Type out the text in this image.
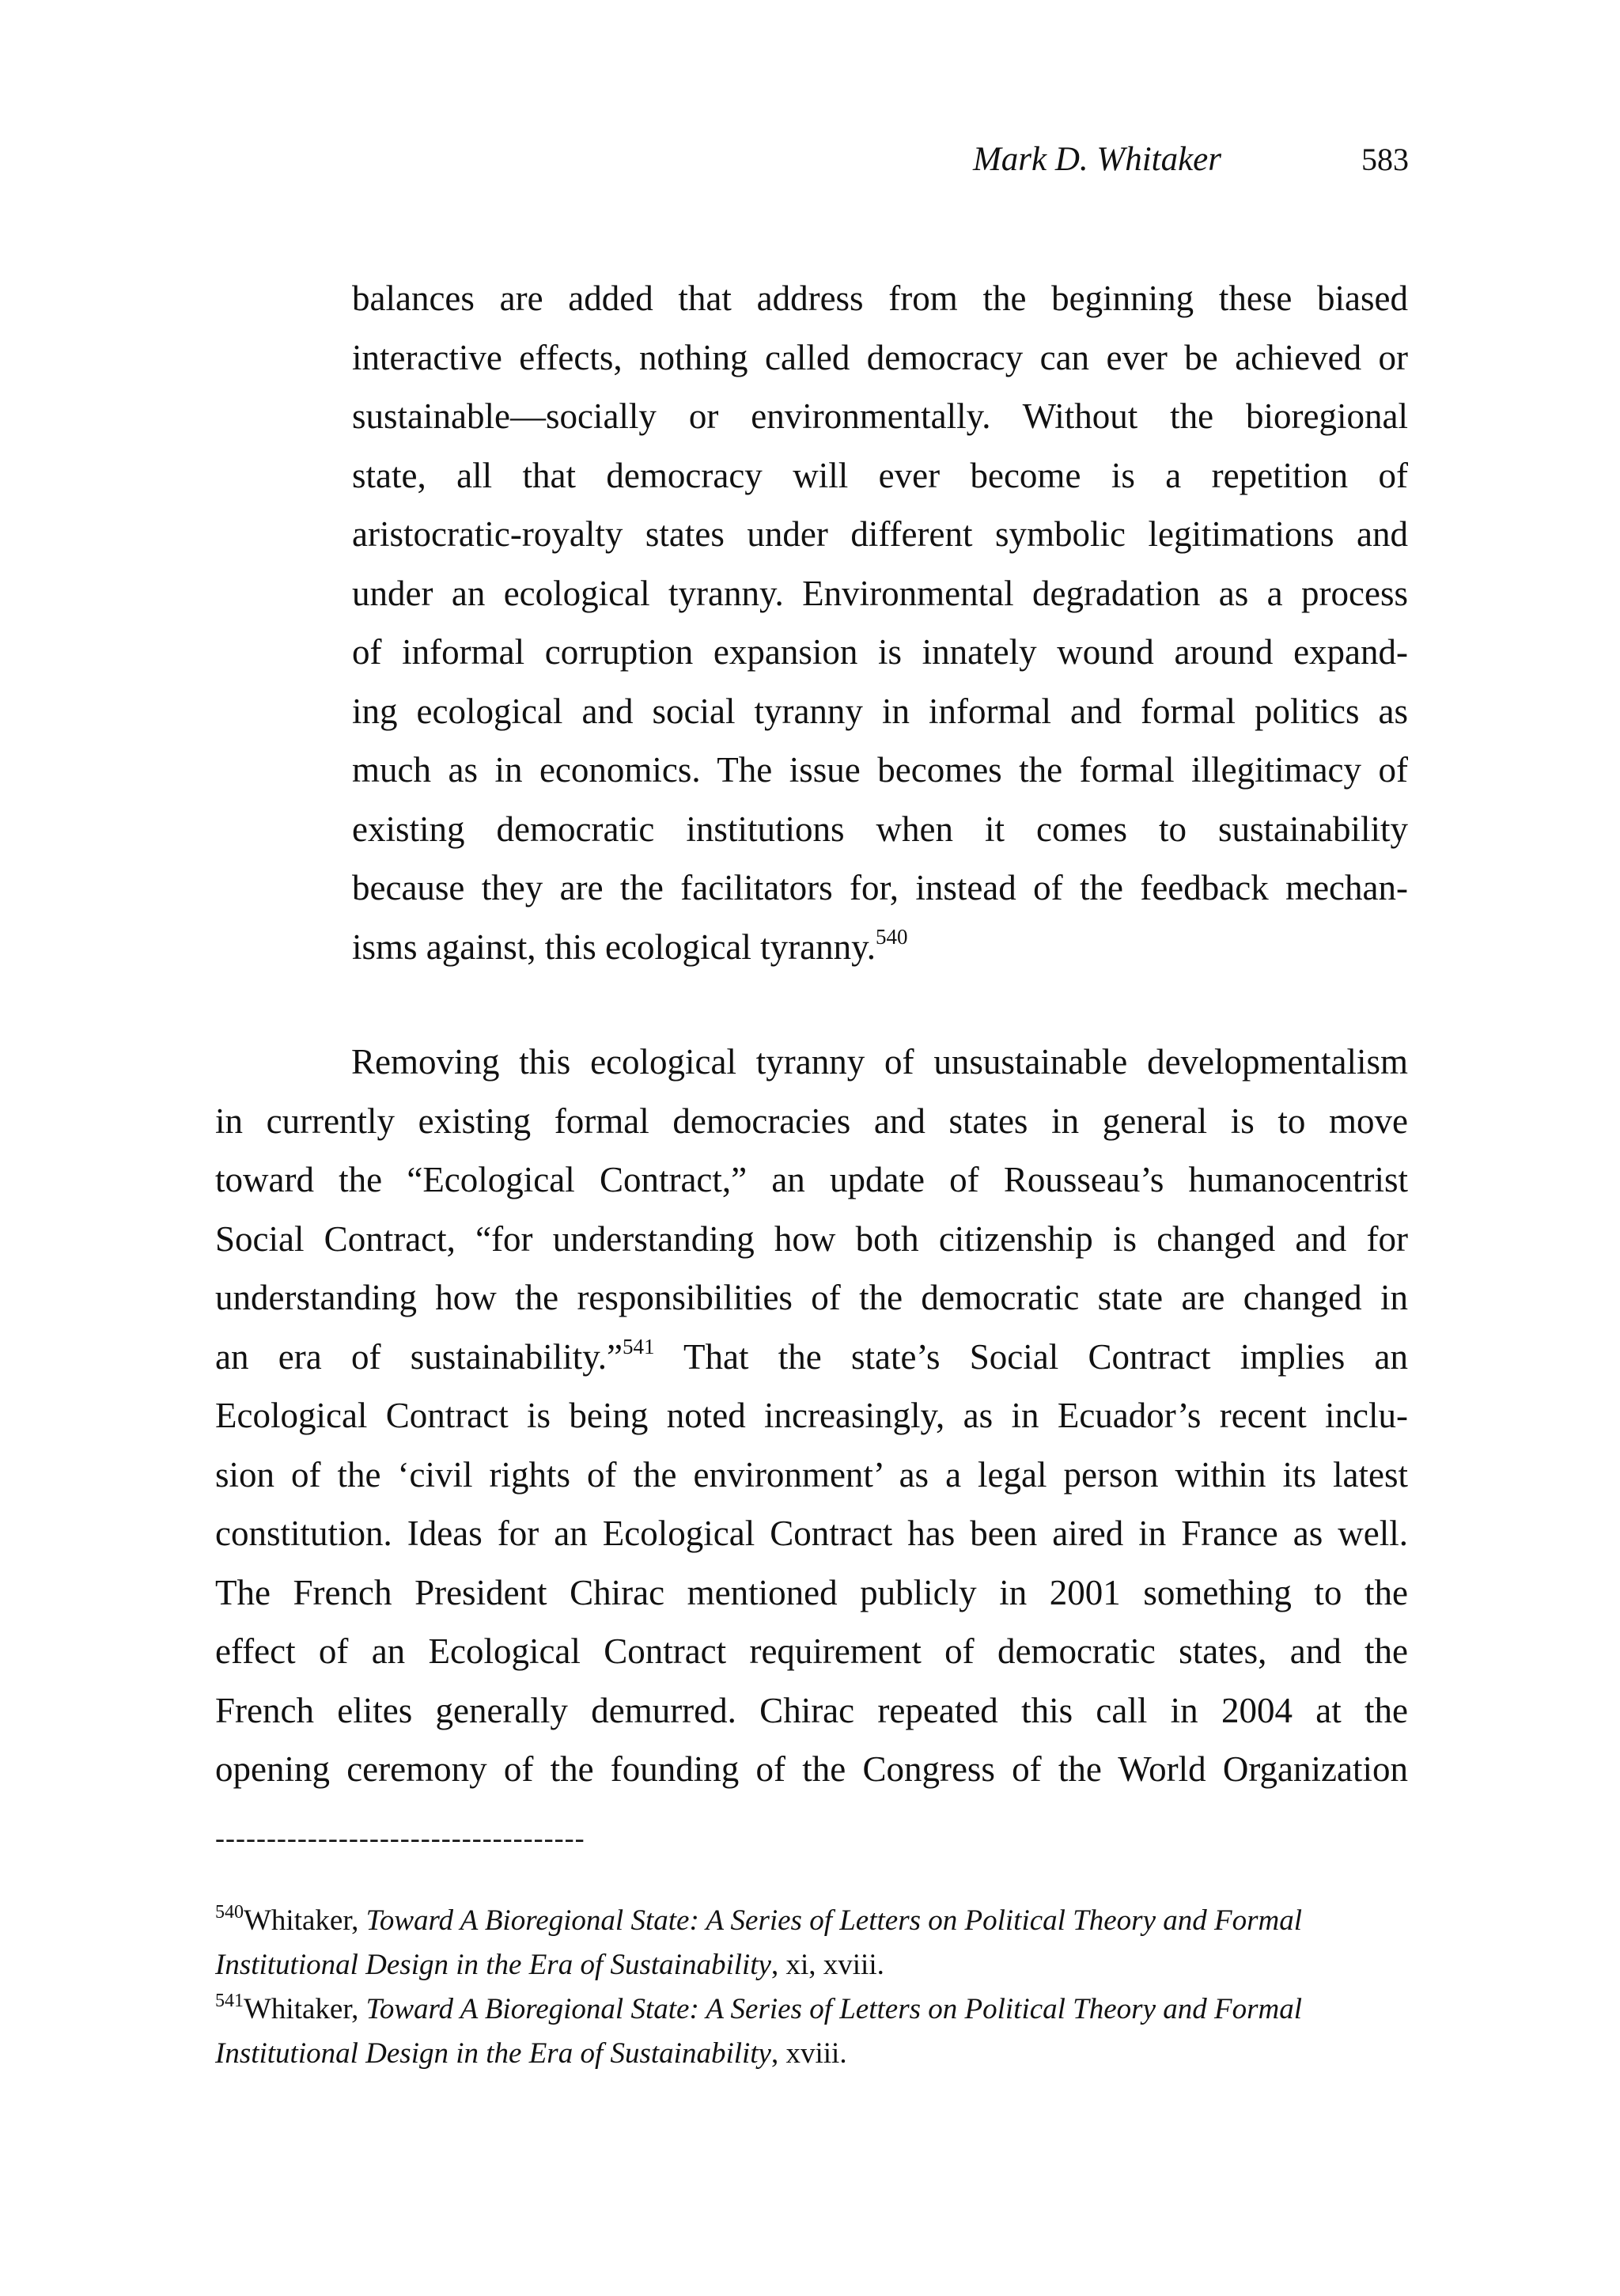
Mark D. Whitaker	583
balances are added that address from the beginning these biased
interactive effects, nothing called democracy can ever be achieved or
sustainable—socially or environmentally. Without the bioregional
state, all that democracy will ever become is a repetition of
aristocratic-royalty states under different symbolic legitimations and
under an ecological tyranny. Environmental degradation as a process
of informal corruption expansion is innately wound around expand-
ing ecological and social tyranny in informal and formal politics as
much as in economics. The issue becomes the formal illegitimacy of
existing democratic institutions when it comes to sustainability
because they are the facilitators for, instead of the feedback mechan-
isms against, this ecological tyranny.$^{540}$
Removing this ecological tyranny of unsustainable developmentalism
in currently existing formal democracies and states in general is to move
toward the “Ecological Contract,” an update of Rousseau’s humanocentrist
Social Contract, “for understanding how both citizenship is changed and for
understanding how the responsibilities of the democratic state are changed in
an era of sustainability.”$^{541}$ That the state’s Social Contract implies an
Ecological Contract is being noted increasingly, as in Ecuador’s recent inclu-
sion of the ‘civil rights of the environment’ as a legal person within its latest
constitution. Ideas for an Ecological Contract has been aired in France as well.
The French President Chirac mentioned publicly in 2001 something to the
effect of an Ecological Contract requirement of democratic states, and the
French elites generally demurred. Chirac repeated this call in 2004 at the
opening ceremony of the founding of the Congress of the World Organization
------------------------------------
$^{540}$Whitaker, Toward A Bioregional State: A Series of Letters on Political Theory and Formal
Institutional Design in the Era of Sustainability, xi, xviii.
$^{541}$Whitaker, Toward A Bioregional State: A Series of Letters on Political Theory and Formal
Institutional Design in the Era of Sustainability, xviii.
